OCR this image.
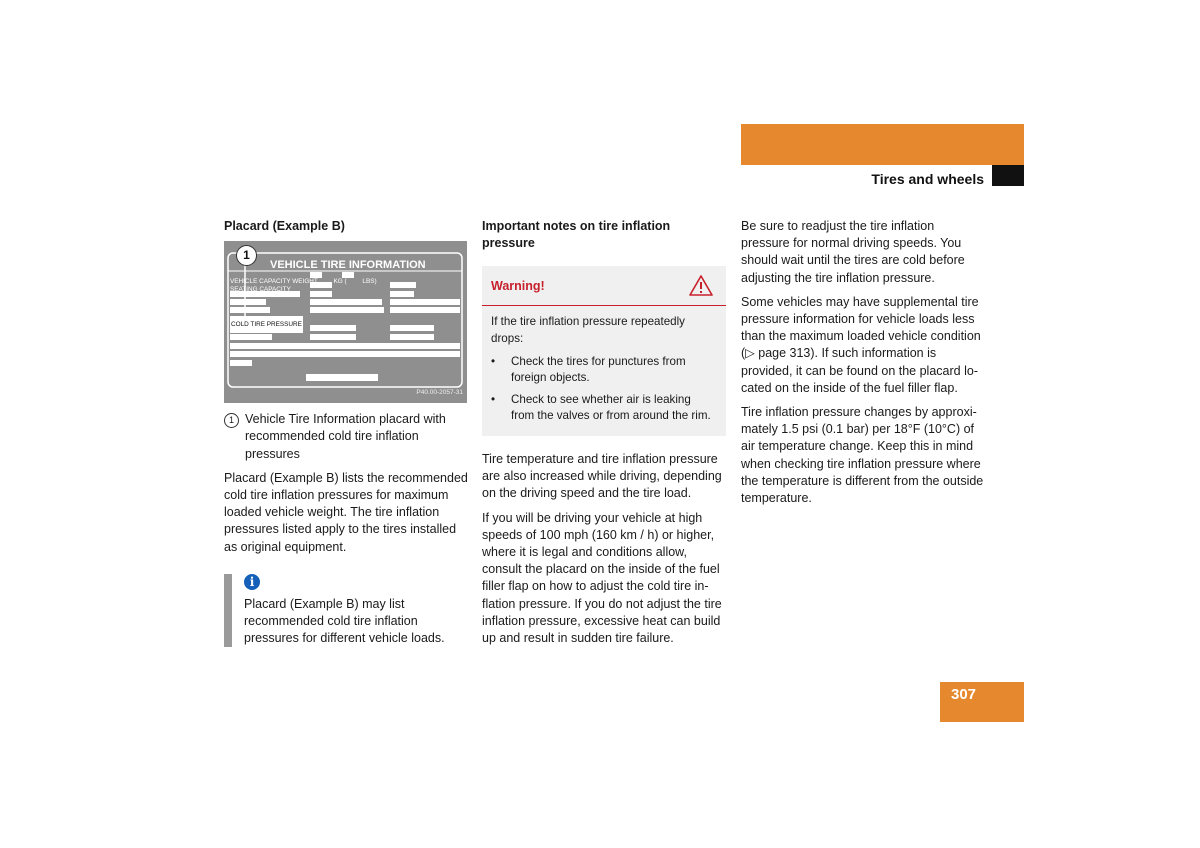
Operation
Tires and wheels
Placard (Example B)
1
VEHICLE TIRE INFORMATION
VEHICLE CAPACITY WEIGHT KG ( LBS)
SEATING CAPACITY
COLD TIRE PRESSURE
P40.00-2057-31
1 Vehicle Tire Information placard with recommended cold tire inflation pressures

Placard (Example B) lists the recommended cold tire inflation pressures for maximum loaded vehicle weight. The tire inflation pressures listed apply to the tires installed as original equipment.

i
Placard (Example B) may list recommended cold tire inflation pressures for different vehicle loads.
Important notes on tire inflation pressure
Warning!

If the tire inflation pressure repeatedly drops:

• Check the tires for punctures from foreign objects.
• Check to see whether air is leaking from the valves or from around the rim.

Tire temperature and tire inflation pressure are also increased while driving, depending on the driving speed and the tire load.

If you will be driving your vehicle at high speeds of 100 mph (160 km / h) or higher, where it is legal and conditions allow, consult the placard on the inside of the fuel filler flap on how to adjust the cold tire inflation pressure. If you do not adjust the tire inflation pressure, excessive heat can build up and result in sudden tire failure.

Be sure to readjust the tire inflation pressure for normal driving speeds. You should wait until the tires are cold before adjusting the tire inflation pressure.

Some vehicles may have supplemental tire pressure information for vehicle loads less than the maximum loaded vehicle condition (▷ page 313). If such information is provided, it can be found on the placard located on the inside of the fuel filler flap.

Tire inflation pressure changes by approximately 1.5 psi (0.1 bar) per 18°F (10°C) of air temperature change. Keep this in mind when checking tire inflation pressure where the temperature is different from the outside temperature.

307
